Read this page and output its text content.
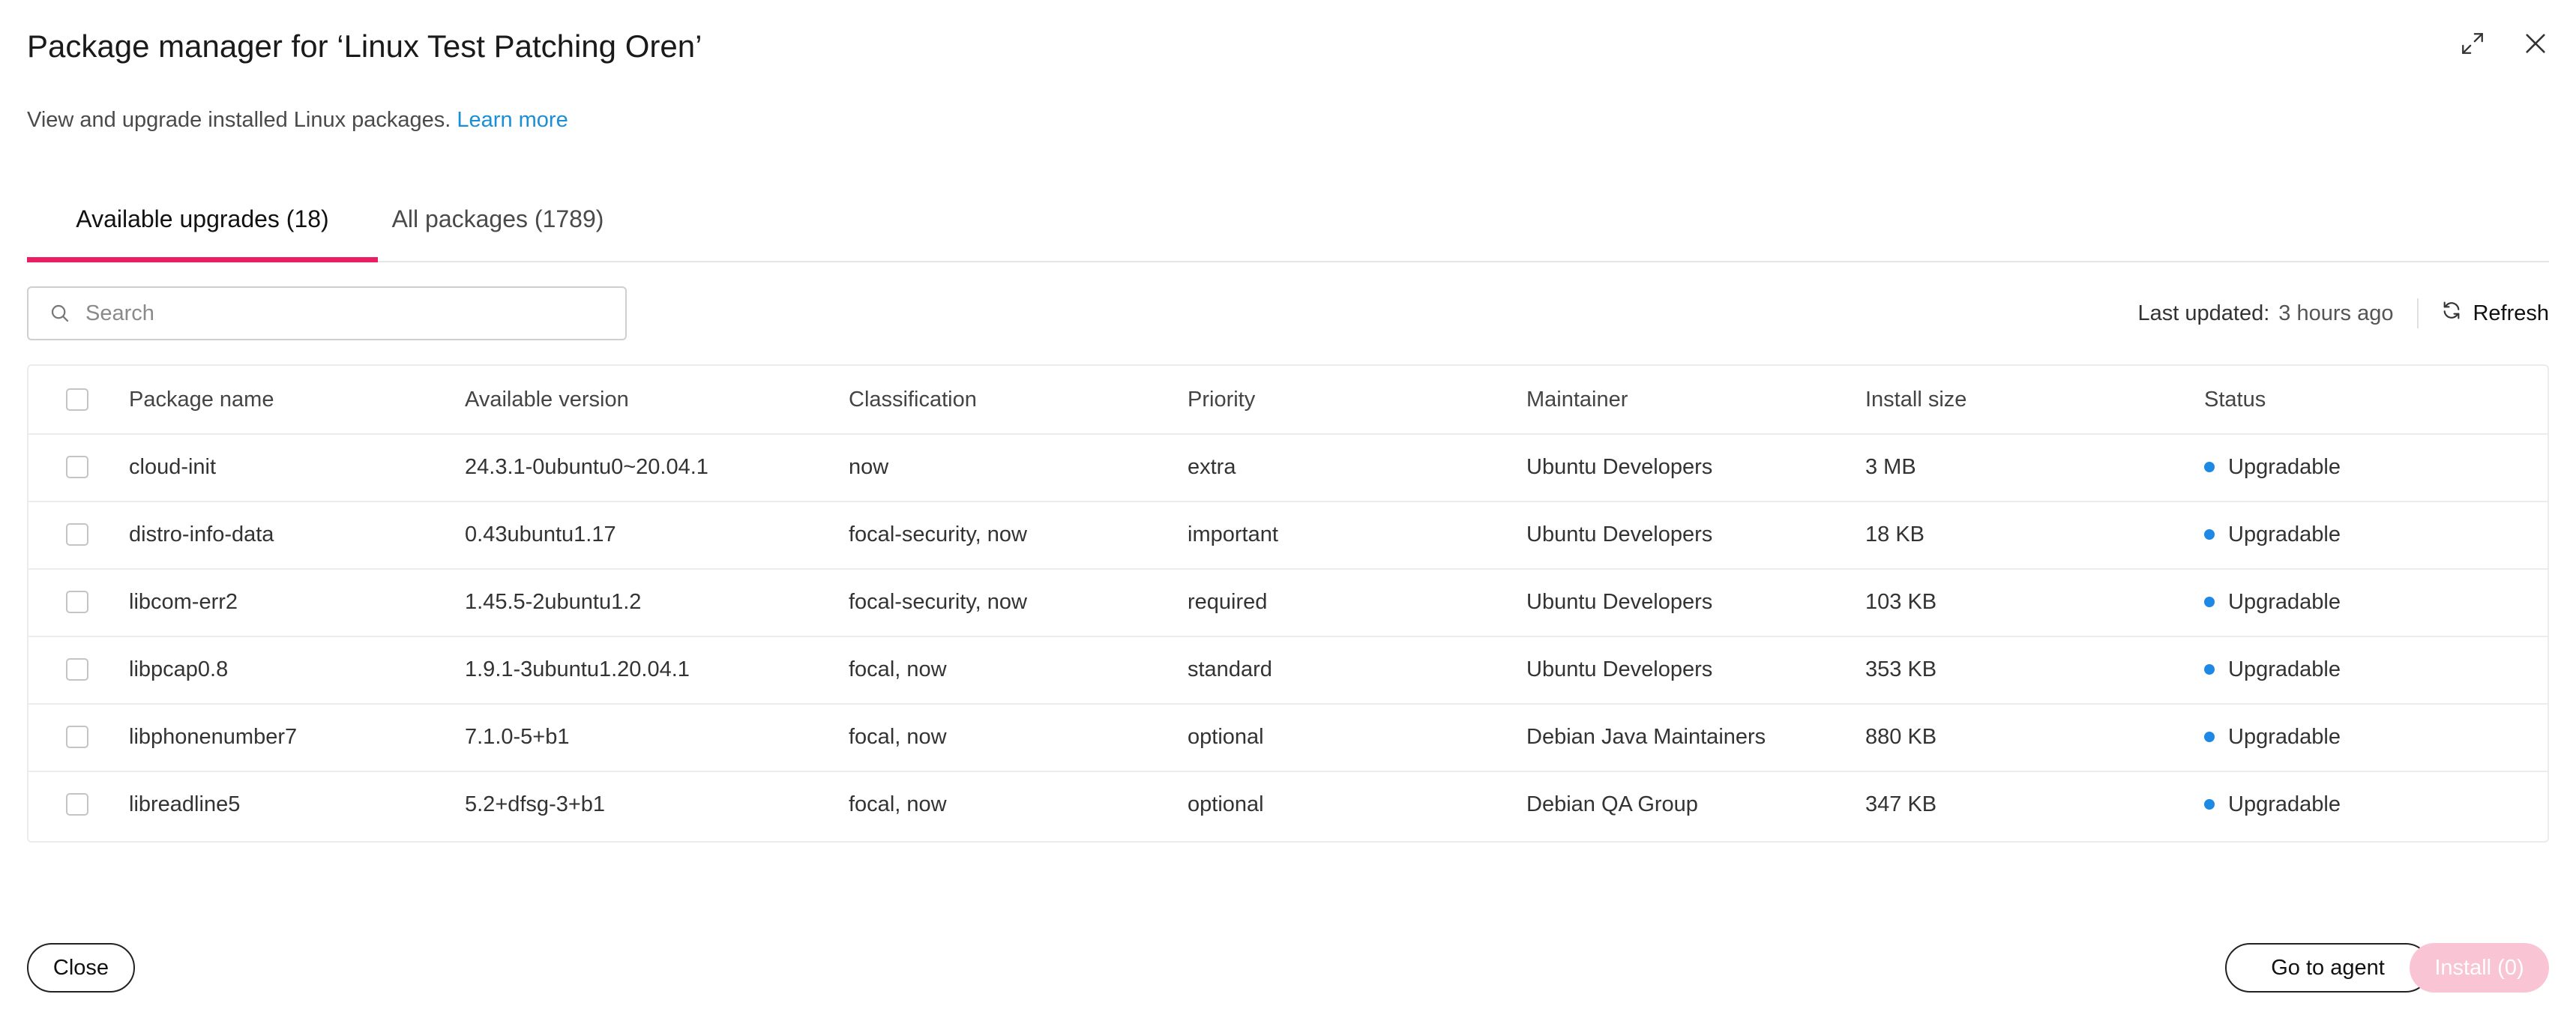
Package manager for ‘Linux Test Patching Oren’
View and upgrade installed Linux packages. Learn more
Available upgrades (18)	All packages (1789)
Search
Last updated: 3 hours ago	Refresh
Package name	Available version	Classification	Priority	Maintainer	Install size	Status
cloud-init	24.3.1-0ubuntu0~20.04.1	now	extra	Ubuntu Developers	3 MB	Upgradable
distro-info-data	0.43ubuntu1.17	focal-security, now	important	Ubuntu Developers	18 KB	Upgradable
libcom-err2	1.45.5-2ubuntu1.2	focal-security, now	required	Ubuntu Developers	103 KB	Upgradable
libpcap0.8	1.9.1-3ubuntu1.20.04.1	focal, now	standard	Ubuntu Developers	353 KB	Upgradable
libphonenumber7	7.1.0-5+b1	focal, now	optional	Debian Java Maintainers	880 KB	Upgradable
libreadline5	5.2+dfsg-3+b1	focal, now	optional	Debian QA Group	347 KB	Upgradable
Close	Go to agent	Install (0)
